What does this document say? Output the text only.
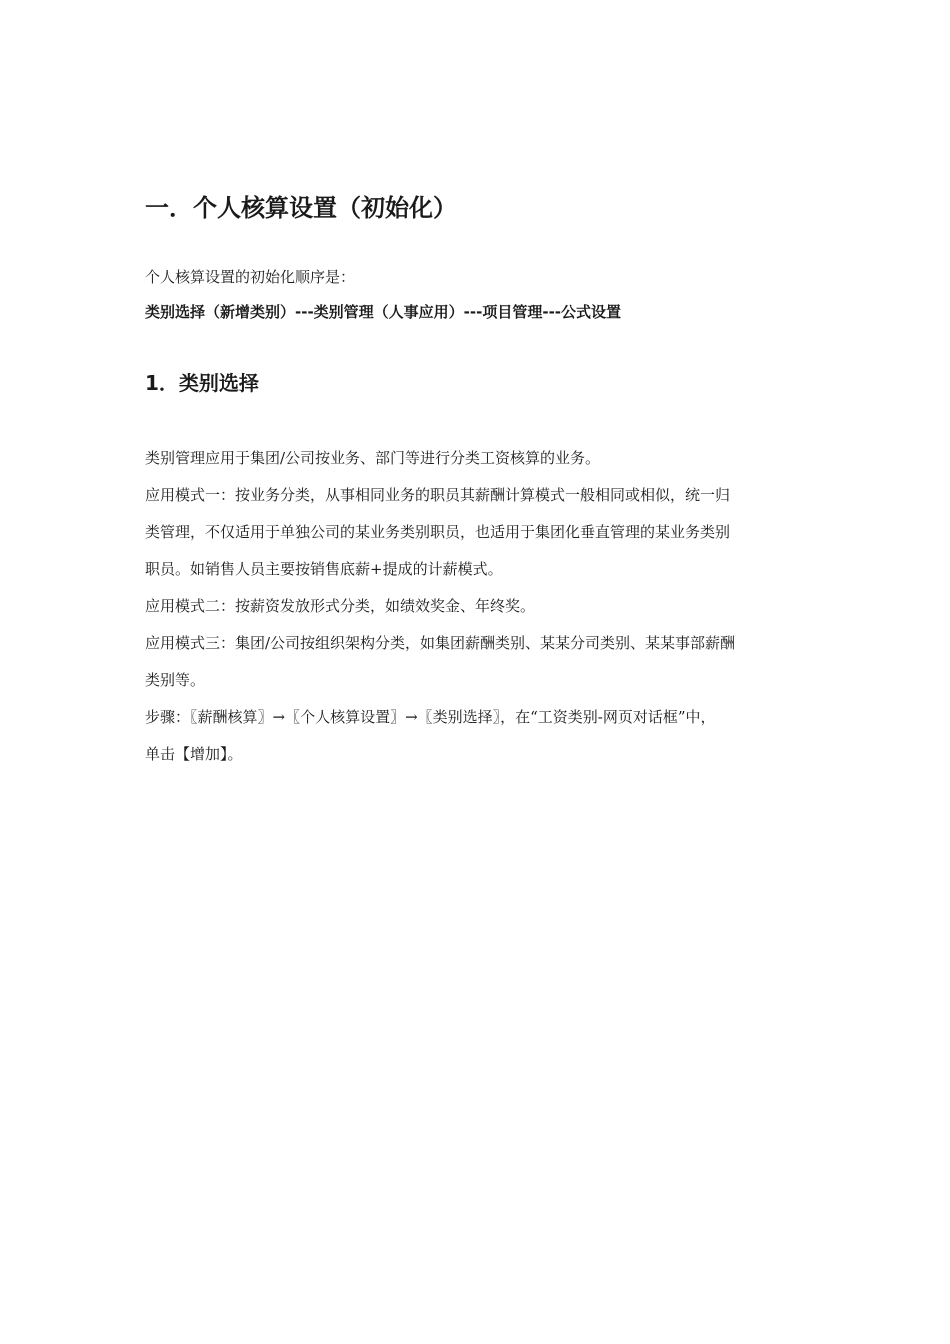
一．个人核算设置（初始化）
个人核算设置的初始化顺序是：
类别选择（新增类别）---类别管理（人事应用）---项目管理---公式设置
1．类别选择
类别管理应用于集团/公司按业务、部门等进行分类工资核算的业务。
应用模式一：按业务分类，从事相同业务的职员其薪酬计算模式一般相同或相似，统一归
类管理，不仅适用于单独公司的某业务类别职员，也适用于集团化垂直管理的某业务类别
职员。如销售人员主要按销售底薪+提成的计薪模式。
应用模式二：按薪资发放形式分类，如绩效奖金、年终奖。
应用模式三：集团/公司按组织架构分类，如集团薪酬类别、某某分司类别、某某事部薪酬
类别等。
步骤：〖薪酬核算〗→〖个人核算设置〗→〖类别选择〗，在“工资类别-网页对话框”中，
单击【增加】。
